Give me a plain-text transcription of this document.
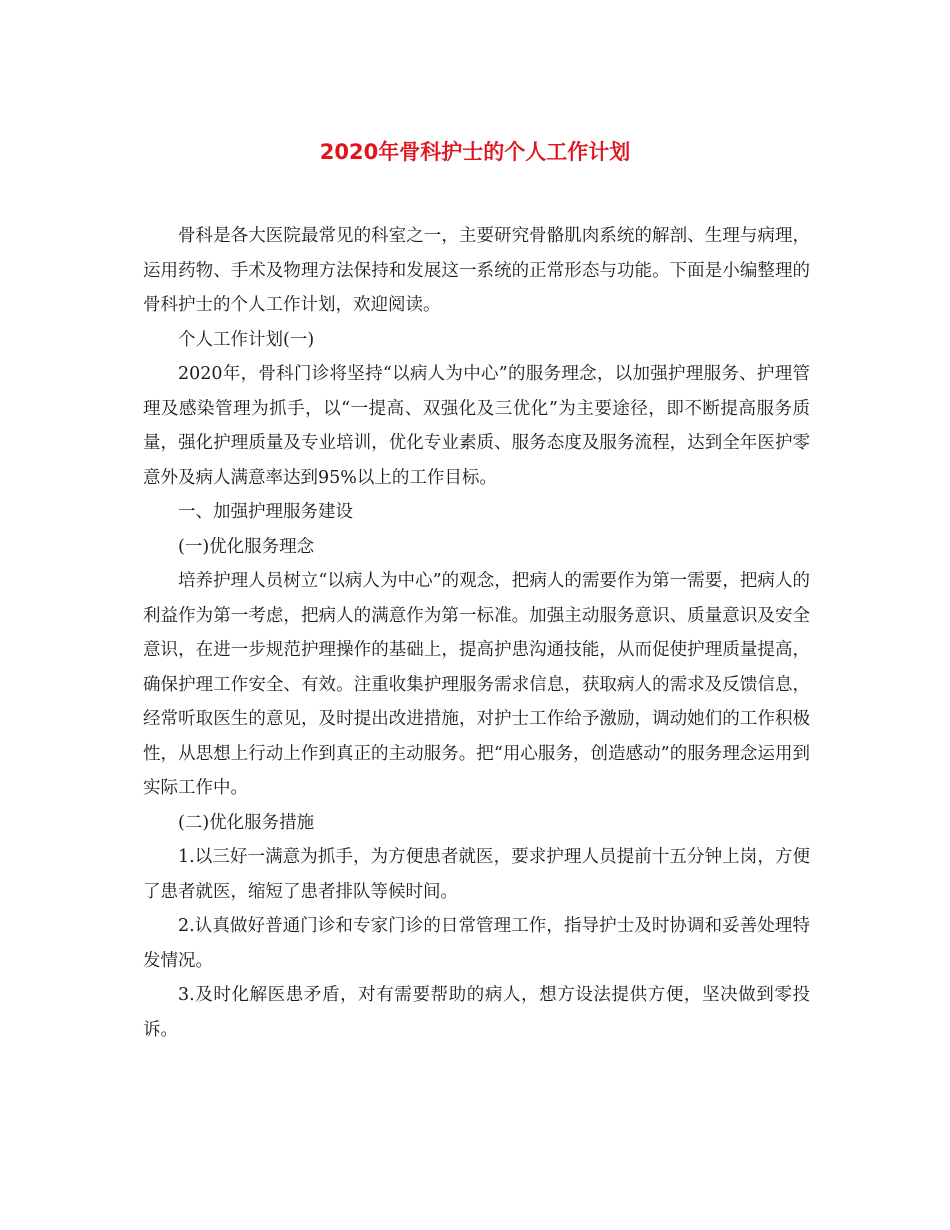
2020年骨科护士的个人工作计划

骨科是各大医院最常见的科室之一，主要研究骨骼肌肉系统的解剖、生理与病理，运用药物、手术及物理方法保持和发展这一系统的正常形态与功能。下面是小编整理的骨科护士的个人工作计划，欢迎阅读。

个人工作计划(一)

2020年，骨科门诊将坚持“以病人为中心”的服务理念，以加强护理服务、护理管理及感染管理为抓手，以“一提高、双强化及三优化”为主要途径，即不断提高服务质量，强化护理质量及专业培训，优化专业素质、服务态度及服务流程，达到全年医护零意外及病人满意率达到95%以上的工作目标。

一、加强护理服务建设

(一)优化服务理念

培养护理人员树立“以病人为中心”的观念，把病人的需要作为第一需要，把病人的利益作为第一考虑，把病人的满意作为第一标准。加强主动服务意识、质量意识及安全意识，在进一步规范护理操作的基础上，提高护患沟通技能，从而促使护理质量提高，确保护理工作安全、有效。注重收集护理服务需求信息，获取病人的需求及反馈信息，经常听取医生的意见，及时提出改进措施，对护士工作给予激励，调动她们的工作积极性，从思想上行动上作到真正的主动服务。把“用心服务，创造感动”的服务理念运用到实际工作中。

(二)优化服务措施

1.以三好一满意为抓手，为方便患者就医，要求护理人员提前十五分钟上岗，方便了患者就医，缩短了患者排队等候时间。

2.认真做好普通门诊和专家门诊的日常管理工作，指导护士及时协调和妥善处理特发情况。

3.及时化解医患矛盾，对有需要帮助的病人，想方设法提供方便，坚决做到零投诉。
